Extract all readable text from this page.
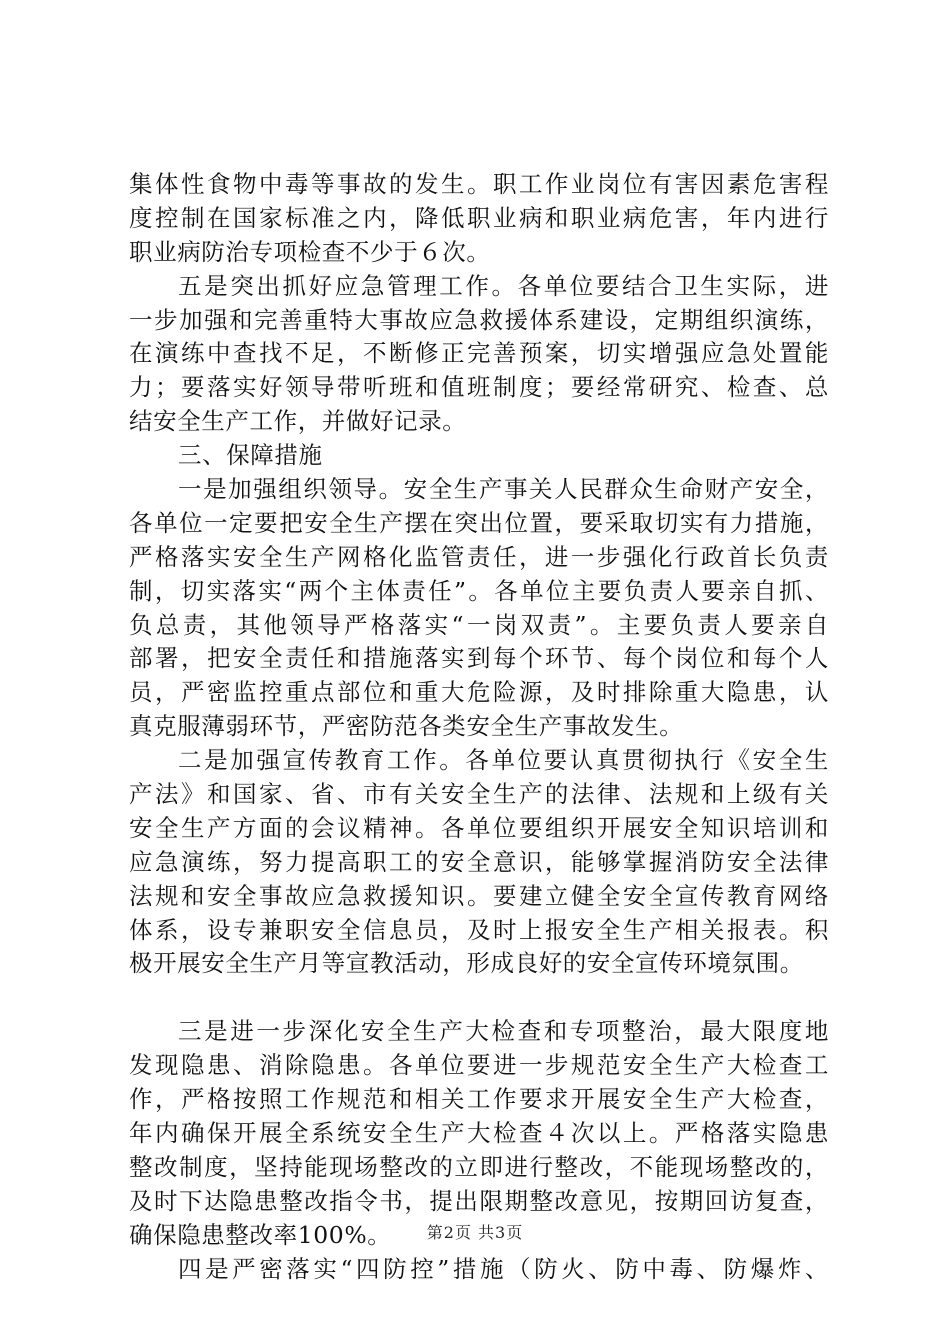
集体性食物中毒等事故的发生。职工作业岗位有害因素危害程
度控制在国家标准之内，降低职业病和职业病危害，年内进行
职业病防治专项检查不少于６次。
五是突出抓好应急管理工作。各单位要结合卫生实际，进
一步加强和完善重特大事故应急救援体系建设，定期组织演练，
在演练中查找不足，不断修正完善预案，切实增强应急处置能
力；要落实好领导带听班和值班制度；要经常研究、检查、总
结安全生产工作，并做好记录。
三、保障措施
一是加强组织领导。安全生产事关人民群众生命财产安全，
各单位一定要把安全生产摆在突出位置，要采取切实有力措施，
严格落实安全生产网格化监管责任，进一步强化行政首长负责
制，切实落实“两个主体责任”。各单位主要负责人要亲自抓、
负总责，其他领导严格落实“一岗双责”。主要负责人要亲自
部署，把安全责任和措施落实到每个环节、每个岗位和每个人
员，严密监控重点部位和重大危险源，及时排除重大隐患，认
真克服薄弱环节，严密防范各类安全生产事故发生。
二是加强宣传教育工作。各单位要认真贯彻执行《安全生
产法》和国家、省、市有关安全生产的法律、法规和上级有关
安全生产方面的会议精神。各单位要组织开展安全知识培训和
应急演练，努力提高职工的安全意识，能够掌握消防安全法律
法规和安全事故应急救援知识。要建立健全安全宣传教育网络
体系，设专兼职安全信息员，及时上报安全生产相关报表。积
极开展安全生产月等宣教活动，形成良好的安全宣传环境氛围。
三是进一步深化安全生产大检查和专项整治，最大限度地
发现隐患、消除隐患。各单位要进一步规范安全生产大检查工
作，严格按照工作规范和相关工作要求开展安全生产大检查，
年内确保开展全系统安全生产大检查４次以上。严格落实隐患
整改制度，坚持能现场整改的立即进行整改，不能现场整改的，
及时下达隐患整改指令书，提出限期整改意见，按期回访复查，
确保隐患整改率100%。
四是严密落实“四防控”措施（防火、防中毒、防爆炸、
第2页 共3页
